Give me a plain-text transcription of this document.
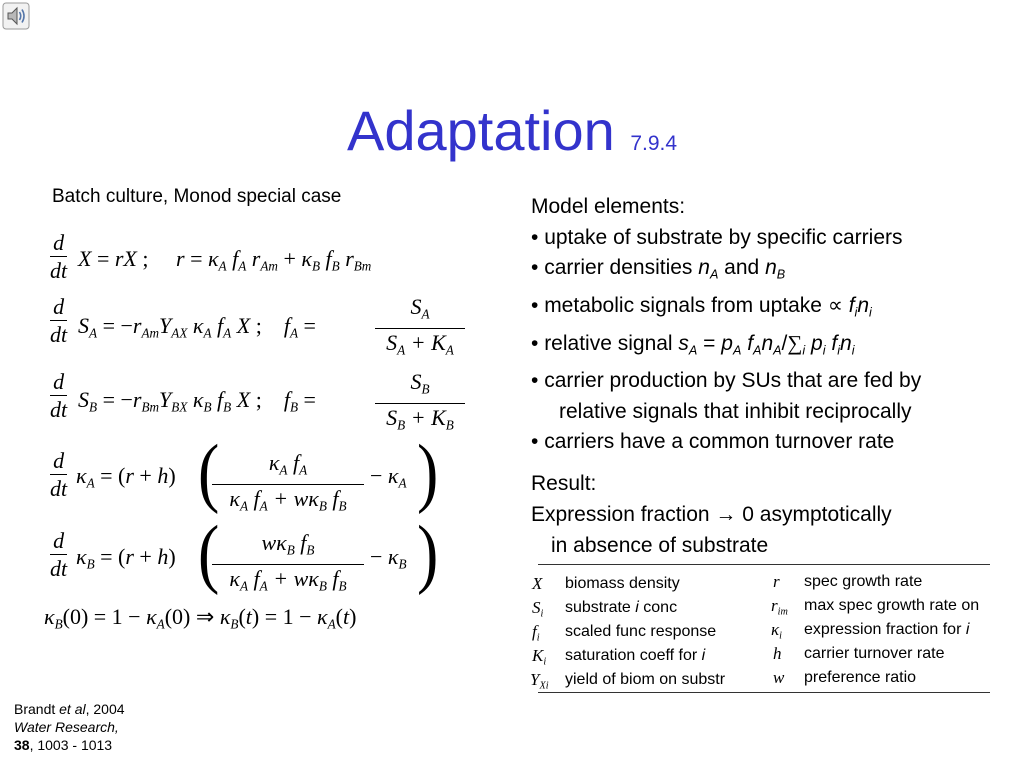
Adaptation 7.9.4
Batch culture, Monod special case
d
dt X = rX ;     $r = \kappa_A$ $f_A$ $r_{Am} + \kappa_B$ $f_B$ $r_{Bm}$
d
dt $S_A = -r_{Am}Y_{AX}$ $\kappa_A$ $f_A$ X ;    $f_A$ =
$S_A$
$S_A + K_A$
d
dt $S_B = -r_{Bm}Y_{BX}$ $\kappa_B$ $f_B$ X ;    $f_B$ =
$S_B$
$S_B + K_B$
d
dt
$\kappa_A = (r + h)$ ( $\kappa_A$ $f_A$
$\kappa_A$ $f_A + w\kappa_B$ $f_B$
− $\kappa_A$ )
d
dt $\kappa_B = (r + h)$ ( $w\kappa_B$ $f_B$
$\kappa_A$ $f_A + w\kappa_B$ $f_B$
− $\kappa_B$ )
$\kappa_B(0) = 1 - \kappa_A(0)$ ⇒ $\kappa_B(t) = 1 - \kappa_A(t)$
Model elements:
• uptake of substrate by specific carriers
• carrier densities $n_A$ and $n_B$
• metabolic signals from uptake ∝ $f_in_i$
• relative signal $s_A = p_A$ $f_An_A/\sum_i$ $p_i$ $f_in_i$
• carrier production by SUs that are fed by
relative signals that inhibit reciprocally
• carriers have a common turnover rate
Result:
Expression fraction → 0 asymptotically
in absence of substrate
X biomass density
$S_i$ substrate i conc
$f_i$ scaled func response
$K_i$ saturation coeff for i
$Y_{Xi}$ yield of biom on substr
r spec growth rate
$r_{im}$ max spec growth rate on
$\kappa_i$ expression fraction for i
h carrier turnover rate
w preference ratio
Brandt et al, 2004
Water Research,
38, 1003 - 1013
